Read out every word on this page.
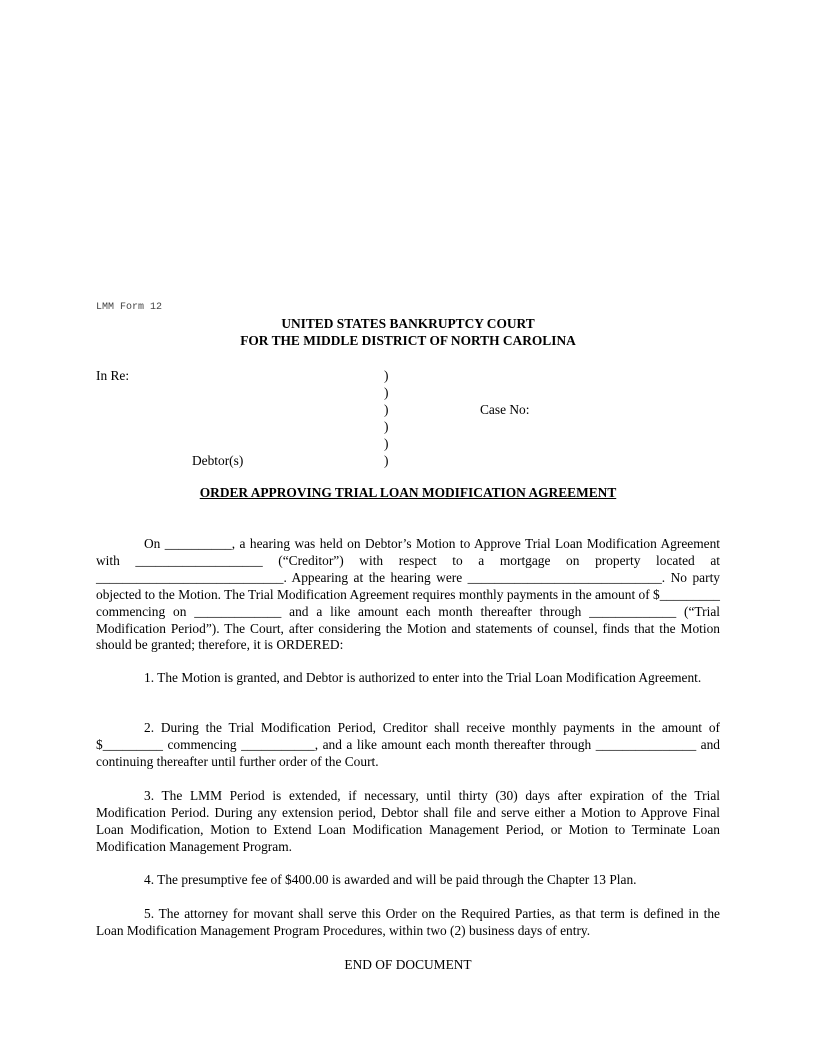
LMM Form 12
UNITED STATES BANKRUPTCY COURT
FOR THE MIDDLE DISTRICT OF NORTH CAROLINA
In Re:	)
)
)
)
)
)
Case No:
Debtor(s)
ORDER APPROVING TRIAL LOAN MODIFICATION AGREEMENT
On __________, a hearing was held on Debtor’s Motion to Approve Trial Loan Modification Agreement with ___________________ (“Creditor”) with respect to a mortgage on property located at ____________________________. Appearing at the hearing were _____________________________. No party objected to the Motion. The Trial Modification Agreement requires monthly payments in the amount of $_________ commencing on _____________ and a like amount each month thereafter through _____________ (“Trial Modification Period”). The Court, after considering the Motion and statements of counsel, finds that the Motion should be granted; therefore, it is ORDERED:
1. The Motion is granted, and Debtor is authorized to enter into the Trial Loan Modification Agreement.
2. During the Trial Modification Period, Creditor shall receive monthly payments in the amount of $_________ commencing ___________, and a like amount each month thereafter through _______________ and continuing thereafter until further order of the Court.
3. The LMM Period is extended, if necessary, until thirty (30) days after expiration of the Trial Modification Period. During any extension period, Debtor shall file and serve either a Motion to Approve Final Loan Modification, Motion to Extend Loan Modification Management Period, or Motion to Terminate Loan Modification Management Program.
4. The presumptive fee of $400.00 is awarded and will be paid through the Chapter 13 Plan.
5. The attorney for movant shall serve this Order on the Required Parties, as that term is defined in the Loan Modification Management Program Procedures, within two (2) business days of entry.
END OF DOCUMENT
